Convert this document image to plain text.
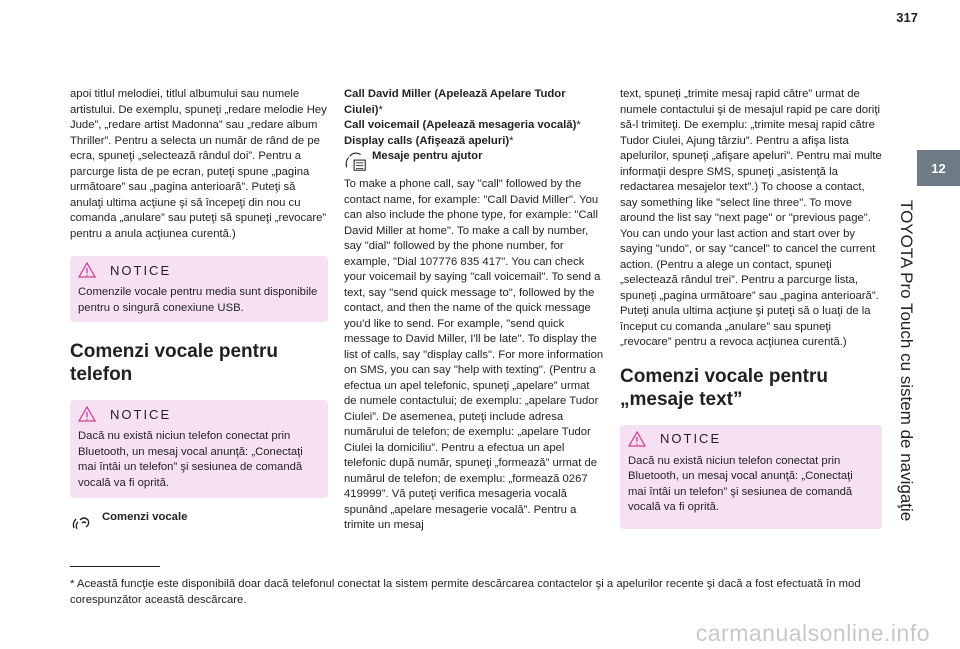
317
12
TOYOTA Pro Touch cu sistem de navigaţie

apoi titlul melodiei, titlul albumului sau numele artistului. De exemplu, spuneţi „redare melodie Hey Jude”, „redare artist Madonna” sau „redare album Thriller”. Pentru a selecta un număr de rând de pe ecra, spuneţi „selectează rândul doi”. Pentru a parcurge lista de pe ecran, puteţi spune „pagina următoare” sau „pagina anterioară”. Puteţi să anulaţi ultima acţiune şi să începeţi din nou cu comanda „anulare” sau puteţi să spuneţi „revocare” pentru a anula acţiunea curentă.)

NOTICE
Comenzile vocale pentru media sunt disponibile pentru o singură conexiune USB.
Comenzi vocale pentru telefon
NOTICE
Dacă nu există niciun telefon conectat prin Bluetooth, un mesaj vocal anunţă: „Conectaţi mai întâi un telefon” şi sesiunea de comandă vocală va fi oprită.
Comenzi vocale

Call David Miller (Apelează Apelare Tudor Ciulei)*

Call voicemail (Apelează mesageria vocală)*

Display calls (Afişează apeluri)*

Mesaje pentru ajutor

To make a phone call, say "call" followed by the contact name, for example: "Call David Miller". You can also include the phone type, for example: "Call David Miller at home". To make a call by number, say "dial" followed by the phone number, for example, "Dial 107776 835 417". You can check your voicemail by saying "call voicemail". To send a text, say "send quick message to", followed by the contact, and then the name of the quick message you'd like to send. For example, "send quick message to David Miller, I'll be late". To display the list of calls, say "display calls". For more information on SMS, you can say "help with texting". (Pentru a efectua un apel telefonic, spuneţi „apelare” urmat de numele contactului; de exemplu: „apelare Tudor Ciulei”. De asemenea, puteţi include adresa numărului de telefon; de exemplu: „apelare Tudor Ciulei la domiciliu”. Pentru a efectua un apel telefonic după număr, spuneţi „formează” urmat de numărul de telefon; de exemplu: „formează 0267 419999”. Vă puteţi verifica mesageria vocală spunând „apelare mesagerie vocală”. Pentru a trimite un mesaj

text, spuneţi „trimite mesaj rapid către” urmat de numele contactului şi de mesajul rapid pe care doriţi să-l trimiteţi. De exemplu: „trimite mesaj rapid către Tudor Ciulei, Ajung târziu”. Pentru a afişa lista apelurilor, spuneţi „afişare apeluri”. Pentru mai multe informaţii despre SMS, spuneţi „asistenţă la redactarea mesajelor text”.) To choose a contact, say something like "select line three". To move around the list say "next page" or "previous page". You can undo your last action and start over by saying "undo", or say "cancel" to cancel the current action. (Pentru a alege un contact, spuneţi „selectează rândul trei”. Pentru a parcurge lista, spuneţi „pagina următoare” sau „pagina anterioară”. Puteţi anula ultima acţiune şi puteţi să o luaţi de la început cu comanda „anulare” sau spuneţi „revocare” pentru a revoca acţiunea curentă.)

Comenzi vocale pentru „mesaje text”
NOTICE
Dacă nu există niciun telefon conectat prin Bluetooth, un mesaj vocal anunţă: „Conectaţi mai întâi un telefon” şi sesiunea de comandă vocală va fi oprită.
* Această funcţie este disponibilă doar dacă telefonul conectat la sistem permite descărcarea contactelor şi a apelurilor recente şi dacă a fost efectuată în mod corespunzător această descărcare.
carmanualsonline.info
